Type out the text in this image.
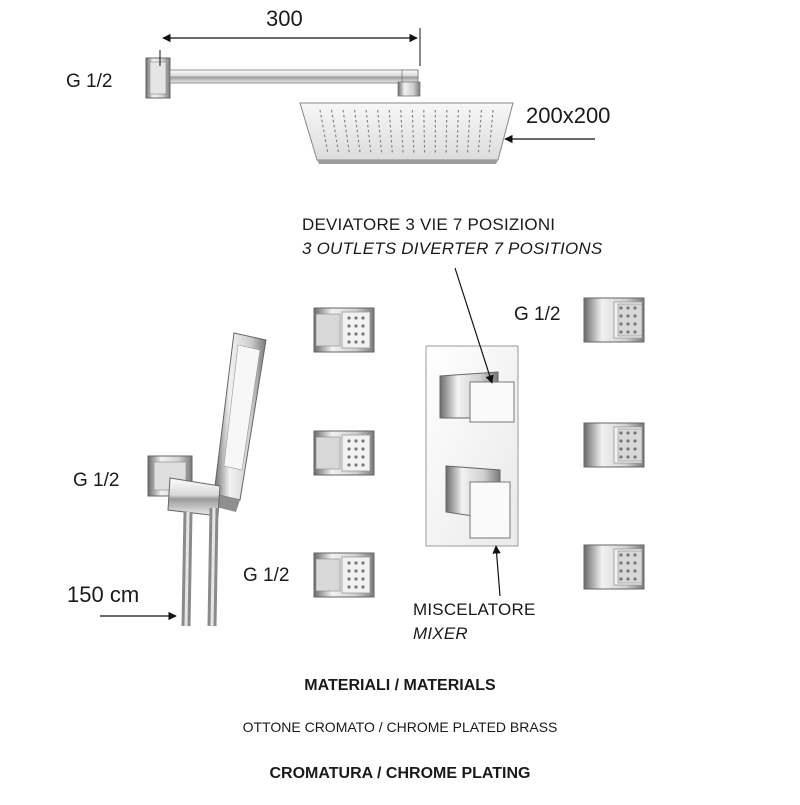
300
200x200
G 1/2
G 1/2
G 1/2
G 1/2
150 cm
DEVIATORE 3 VIE 7 POSIZIONI
3 OUTLETS DIVERTER 7 POSITIONS
MISCELATORE
MIXER
MATERIALI / MATERIALS
OTTONE CROMATO / CHROME PLATED BRASS
CROMATURA / CHROME PLATING
